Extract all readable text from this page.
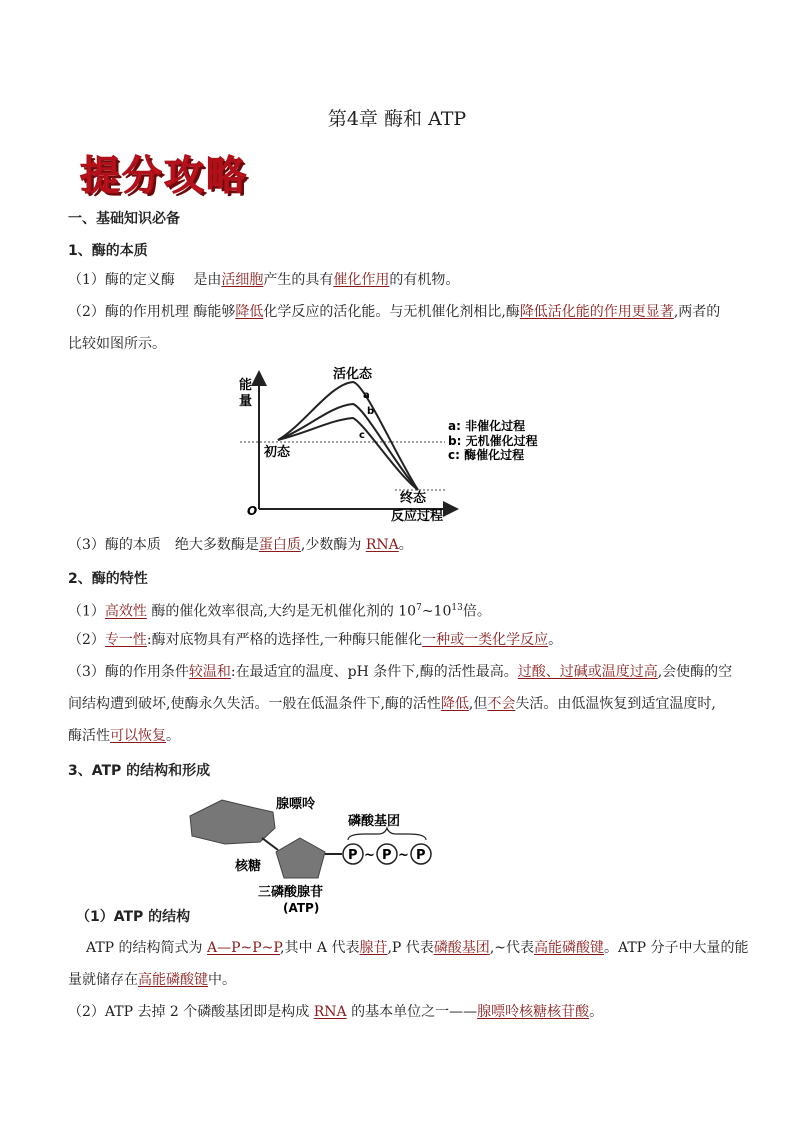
第4章 酶和 ATP
提分攻略
一、基础知识必备
1、酶的本质
（1）酶的定义酶　 是由活细胞产生的具有催化作用的有机物。
（2）酶的作用机理 酶能够降低化学反应的活化能。与无机催化剂相比,酶降低活化能的作用更显著,两者的
比较如图所示。
能
量
活化态
a
b
c
初态
终态
反应过程
O
a: 非催化过程
b: 无机催化过程
c: 酶催化过程
（3）酶的本质　绝大多数酶是蛋白质,少数酶为 RNA。
2、酶的特性
（1）高效性 酶的催化效率很高,大约是无机催化剂的 $10^7\sim 10^{13}$倍。
（2）专一性:酶对底物具有严格的选择性,一种酶只能催化一种或一类化学反应。
（3）酶的作用条件较温和:在最适宜的温度、pH 条件下,酶的活性最高。过酸、过碱或温度过高,会使酶的空
间结构遭到破坏,使酶永久失活。一般在低温条件下,酶的活性降低,但不会失活。由低温恢复到适宜温度时,
酶活性可以恢复。
3、ATP 的结构和形成
P P P
~ ~
腺嘌呤
磷酸基团
核糖
三磷酸腺苷
(ATP)
（1）ATP 的结构
ATP 的结构简式为 A—P~P~P,其中 A 代表腺苷,P 代表磷酸基团,~代表高能磷酸键。ATP 分子中大量的能
量就储存在高能磷酸键中。
（2）ATP 去掉 2 个磷酸基团即是构成 RNA 的基本单位之一——腺嘌呤核糖核苷酸。
